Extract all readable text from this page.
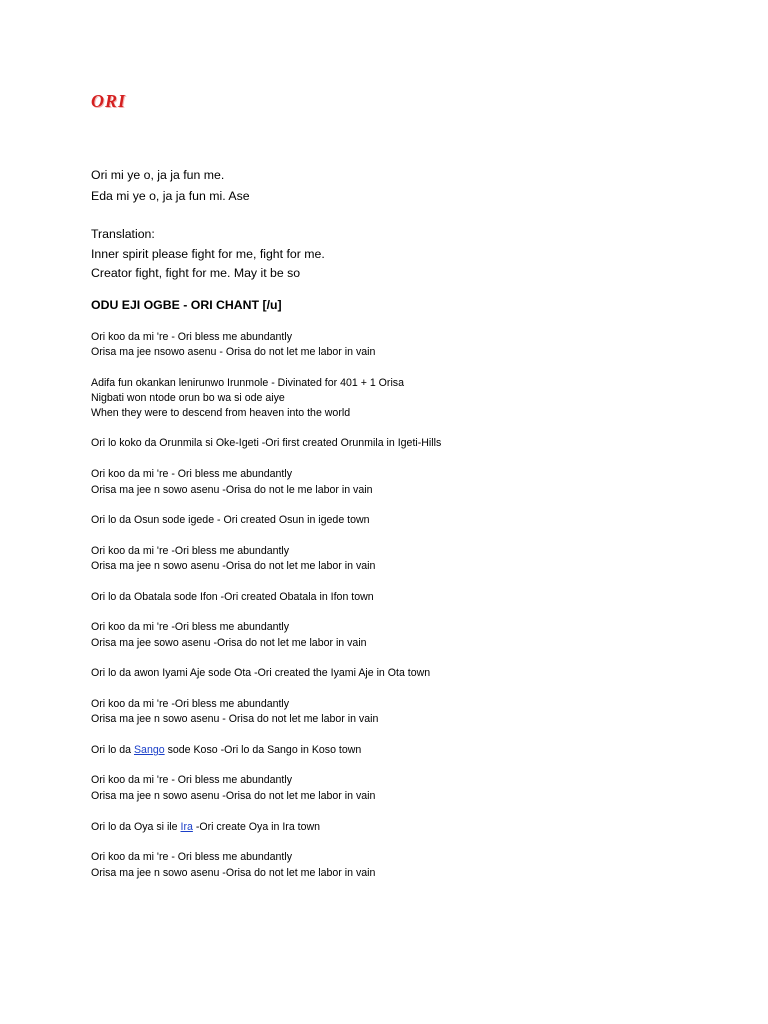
ORI
Ori mi ye o, ja ja fun me.
Eda mi ye o, ja ja fun mi. Ase
Translation:
Inner spirit please fight for me, fight for me.
Creator fight, fight for me. May it be so
ODU EJI OGBE - ORI CHANT [/u]
Ori koo da mi 're - Ori bless me abundantly
Orisa ma jee nsowo asenu - Orisa do not let me labor in vain
Adifa fun okankan lenirunwo Irunmole - Divinated for 401 + 1 Orisa
Nigbati won ntode orun bo wa si ode aiye
When they were to descend from heaven into the world
Ori lo koko da Orunmila si Oke-Igeti -Ori first created Orunmila in Igeti-Hills
Ori koo da mi 're - Ori bless me abundantly
Orisa ma jee n sowo asenu -Orisa do not le me labor in vain
Ori lo da Osun sode igede - Ori created Osun in igede town
Ori koo da mi 're -Ori bless me abundantly
Orisa ma jee n sowo asenu -Orisa do not let me labor in vain
Ori lo da Obatala sode Ifon -Ori created Obatala in Ifon town
Ori koo da mi 're -Ori bless me abundantly
Orisa ma jee sowo asenu -Orisa do not let me labor in vain
Ori lo da awon Iyami Aje sode Ota -Ori created the Iyami Aje in Ota town
Ori koo da mi 're -Ori bless me abundantly
Orisa ma jee n sowo asenu - Orisa do not let me labor in vain
Ori lo da Sango sode Koso -Ori lo da Sango in Koso town
Ori koo da mi 're - Ori bless me abundantly
Orisa ma jee n sowo asenu -Orisa do not let me labor in vain
Ori lo da Oya si ile Ira -Ori create Oya in Ira town
Ori koo da mi 're - Ori bless me abundantly
Orisa ma jee n sowo asenu -Orisa do not let me labor in vain
